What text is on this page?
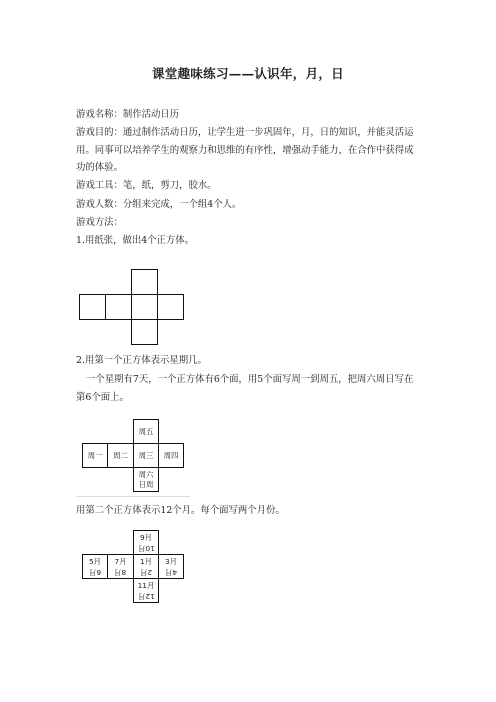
课堂趣味练习——认识年，月，日
游戏名称：制作活动日历
游戏目的：通过制作活动日历，让学生进一步巩固年，月，日的知识，并能灵活运用。同事可以培养学生的观察力和思维的有序性，增强动手能力，在合作中获得成功的体验。
游戏工具：笔，纸，剪刀，胶水。
游戏人数：分组来完成，一个组4个人。
游戏方法：
1.用纸张，做出4个正方体。
2.用第一个正方体表示星期几。
一个星期有7天，一个正方体有6个面，用5个面写周一到周五，把周六周日写在第6个面上。
周五
周一 周二 周三 周四
周六
日周
用第二个正方体表示12个月。每个面写两个月份。
9月
10月
5月
6月
7月
8月
1月
2月
3月
4月
11月
12月
